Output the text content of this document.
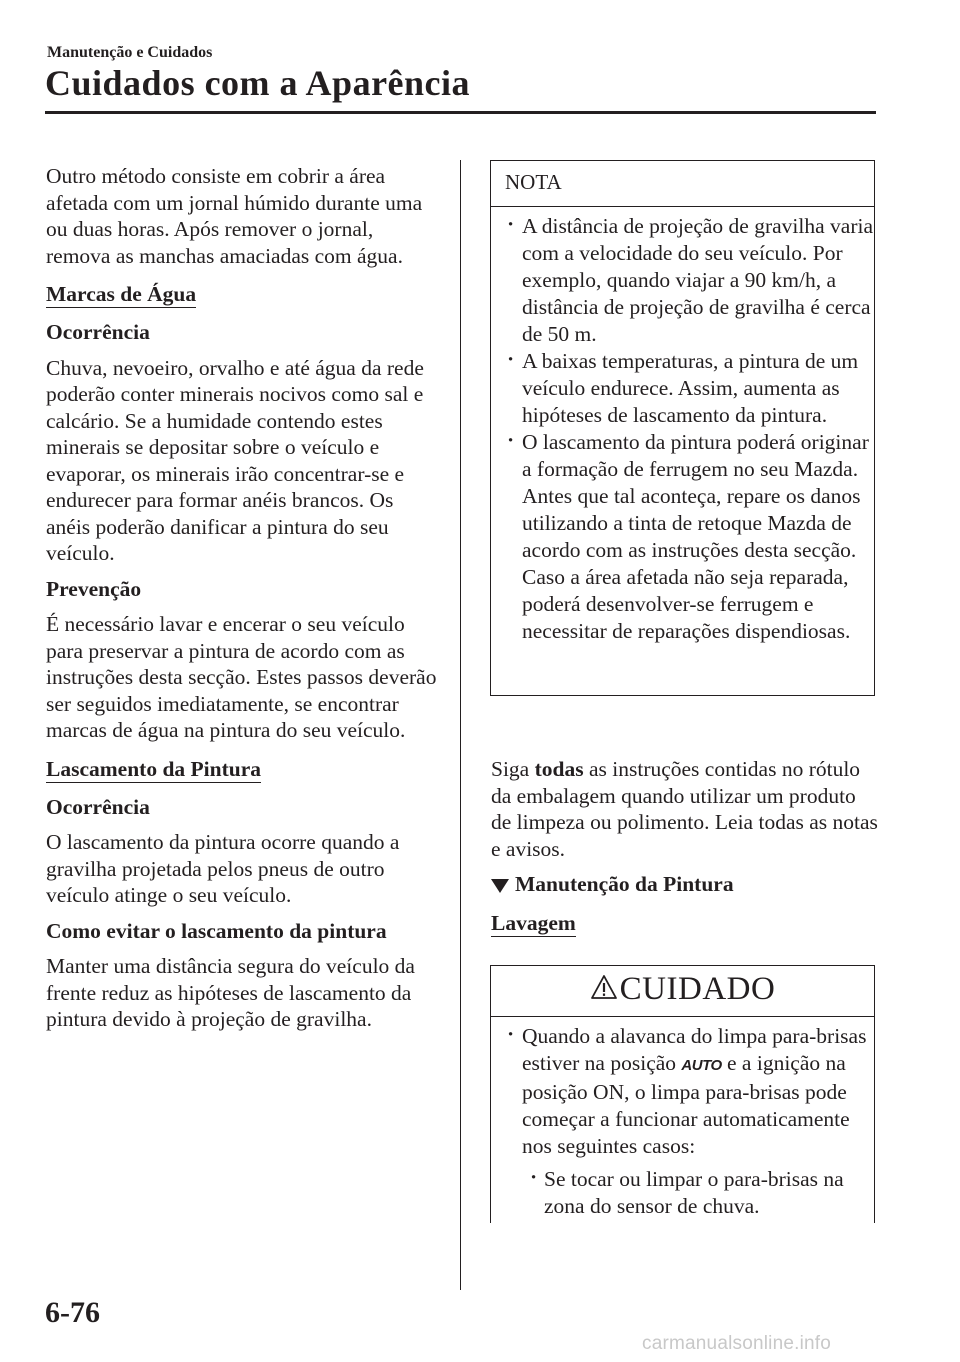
Manutenção e Cuidados
Cuidados com a Aparência

Outro método consiste em cobrir a área afetada com um jornal húmido durante uma ou duas horas. Após remover o jornal, remova as manchas amaciadas com água.

Marcas de Água

Ocorrência

Chuva, nevoeiro, orvalho e até água da rede poderão conter minerais nocivos como sal e calcário. Se a humidade contendo estes minerais se depositar sobre o veículo e evaporar, os minerais irão concentrar-se e endurecer para formar anéis brancos. Os anéis poderão danificar a pintura do seu veículo.

Prevenção

É necessário lavar e encerar o seu veículo para preservar a pintura de acordo com as instruções desta secção. Estes passos deverão ser seguidos imediatamente, se encontrar marcas de água na pintura do seu veículo.

Lascamento da Pintura

Ocorrência

O lascamento da pintura ocorre quando a gravilha projetada pelos pneus de outro veículo atinge o seu veículo.

Como evitar o lascamento da pintura

Manter uma distância segura do veículo da frente reduz as hipóteses de lascamento da pintura devido à projeção de gravilha.

NOTA
· A distância de projeção de gravilha varia com a velocidade do seu veículo. Por exemplo, quando viajar a 90 km/h, a distância de projeção de gravilha é cerca de 50 m.
· A baixas temperaturas, a pintura de um veículo endurece. Assim, aumenta as hipóteses de lascamento da pintura.
· O lascamento da pintura poderá originar a formação de ferrugem no seu Mazda. Antes que tal aconteça, repare os danos utilizando a tinta de retoque Mazda de acordo com as instruções desta secção. Caso a área afetada não seja reparada, poderá desenvolver-se ferrugem e necessitar de reparações dispendiosas.

Siga todas as instruções contidas no rótulo da embalagem quando utilizar um produto de limpeza ou polimento. Leia todas as notas e avisos.

Manutenção da Pintura

Lavagem
CUIDADO
· Quando a alavanca do limpa para-brisas estiver na posição AUTO e a ignição na posição ON, o limpa para-brisas pode começar a funcionar automaticamente nos seguintes casos:
· Se tocar ou limpar o para-brisas na zona do sensor de chuva.
6-76
carmanualsonline.info
